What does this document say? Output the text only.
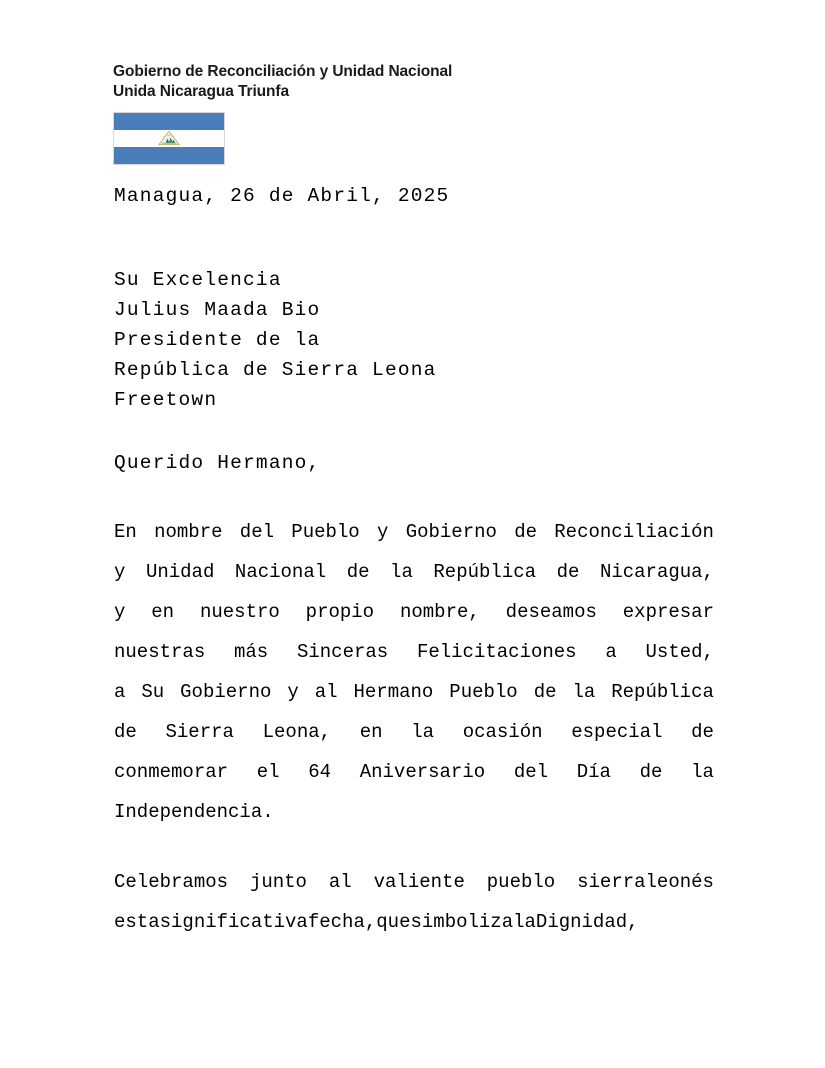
Gobierno de Reconciliación y Unidad Nacional
Unida Nicaragua Triunfa
Managua, 26 de Abril, 2025
Su Excelencia
Julius Maada Bio
Presidente de la
República de Sierra Leona
Freetown
Querido Hermano,
En nombre del Pueblo y Gobierno de Reconciliación
y Unidad Nacional de la República de Nicaragua,
y en nuestro propio nombre, deseamos expresar
nuestras más Sinceras Felicitaciones a Usted,
a Su Gobierno y al Hermano Pueblo de la República
de Sierra Leona, en la ocasión especial de
conmemorar el 64 Aniversario del Día de la
Independencia.
Celebramos junto al valiente pueblo sierraleonés
estasignificativafecha,quesimbolizalaDignidad,
